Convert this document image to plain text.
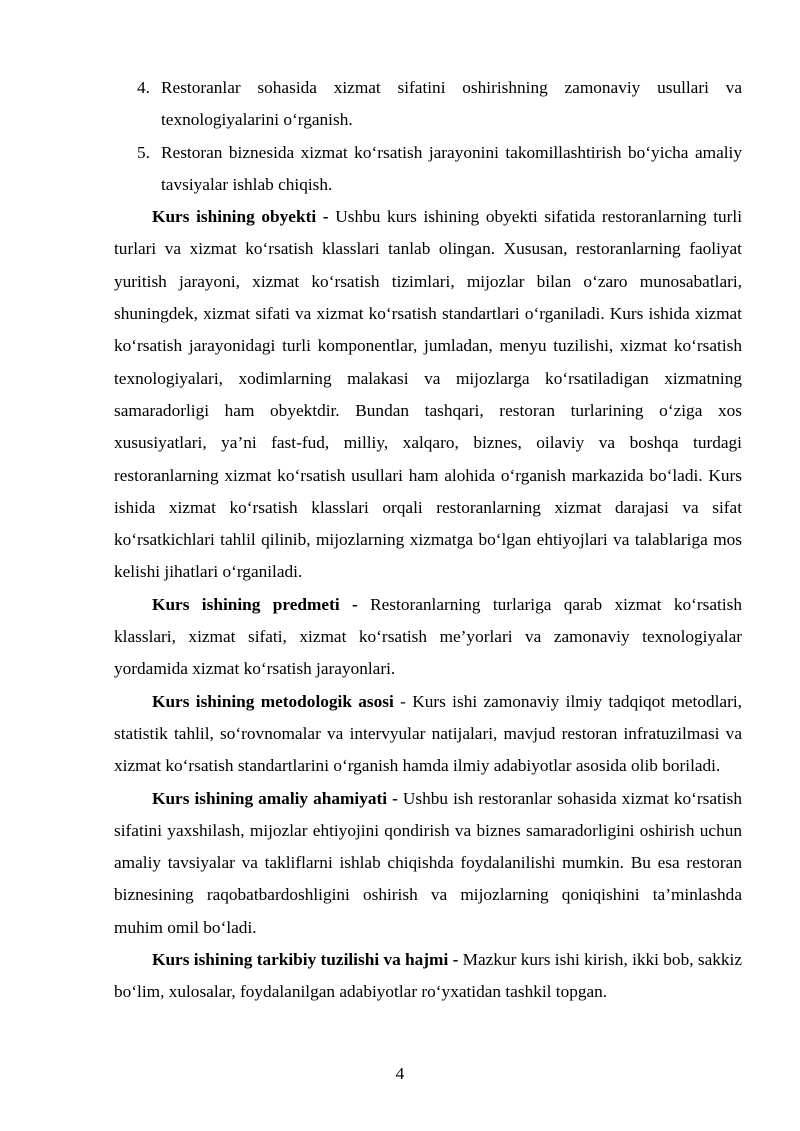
4. Restoranlar sohasida xizmat sifatini oshirishning zamonaviy usullari va texnologiyalarini o‘rganish.
5. Restoran biznesida xizmat ko‘rsatish jarayonini takomillashtirish bo‘yicha amaliy tavsiyalar ishlab chiqish.

Kurs ishining obyekti - Ushbu kurs ishining obyekti sifatida restoranlarning turli turlari va xizmat ko‘rsatish klasslari tanlab olingan. Xususan, restoranlarning faoliyat yuritish jarayoni, xizmat ko‘rsatish tizimlari, mijozlar bilan o‘zaro munosabatlari, shuningdek, xizmat sifati va xizmat ko‘rsatish standartlari o‘rganiladi. Kurs ishida xizmat ko‘rsatish jarayonidagi turli komponentlar, jumladan, menyu tuzilishi, xizmat ko‘rsatish texnologiyalari, xodimlarning malakasi va mijozlarga ko‘rsatiladigan xizmatning samaradorligi ham obyektdir. Bundan tashqari, restoran turlarining o‘ziga xos xususiyatlari, ya’ni fast-fud, milliy, xalqaro, biznes, oilaviy va boshqa turdagi restoranlarning xizmat ko‘rsatish usullari ham alohida o‘rganish markazida bo‘ladi. Kurs ishida xizmat ko‘rsatish klasslari orqali restoranlarning xizmat darajasi va sifat ko‘rsatkichlari tahlil qilinib, mijozlarning xizmatga bo‘lgan ehtiyojlari va talablariga mos kelishi jihatlari o‘rganiladi.

Kurs ishining predmeti - Restoranlarning turlariga qarab xizmat ko‘rsatish klasslari, xizmat sifati, xizmat ko‘rsatish me’yorlari va zamonaviy texnologiyalar yordamida xizmat ko‘rsatish jarayonlari.

Kurs ishining metodologik asosi - Kurs ishi zamonaviy ilmiy tadqiqot metodlari, statistik tahlil, so‘rovnomalar va intervyular natijalari, mavjud restoran infratuzilmasi va xizmat ko‘rsatish standartlarini o‘rganish hamda ilmiy adabiyotlar asosida olib boriladi.

Kurs ishining amaliy ahamiyati - Ushbu ish restoranlar sohasida xizmat ko‘rsatish sifatini yaxshilash, mijozlar ehtiyojini qondirish va biznes samaradorligini oshirish uchun amaliy tavsiyalar va takliflarni ishlab chiqishda foydalanilishi mumkin. Bu esa restoran biznesining raqobatbardoshligini oshirish va mijozlarning qoniqishini ta’minlashda muhim omil bo‘ladi.

Kurs ishining tarkibiy tuzilishi va hajmi - Mazkur kurs ishi kirish, ikki bob, sakkiz bo‘lim, xulosalar, foydalanilgan adabiyotlar ro‘yxatidan tashkil topgan.

4
